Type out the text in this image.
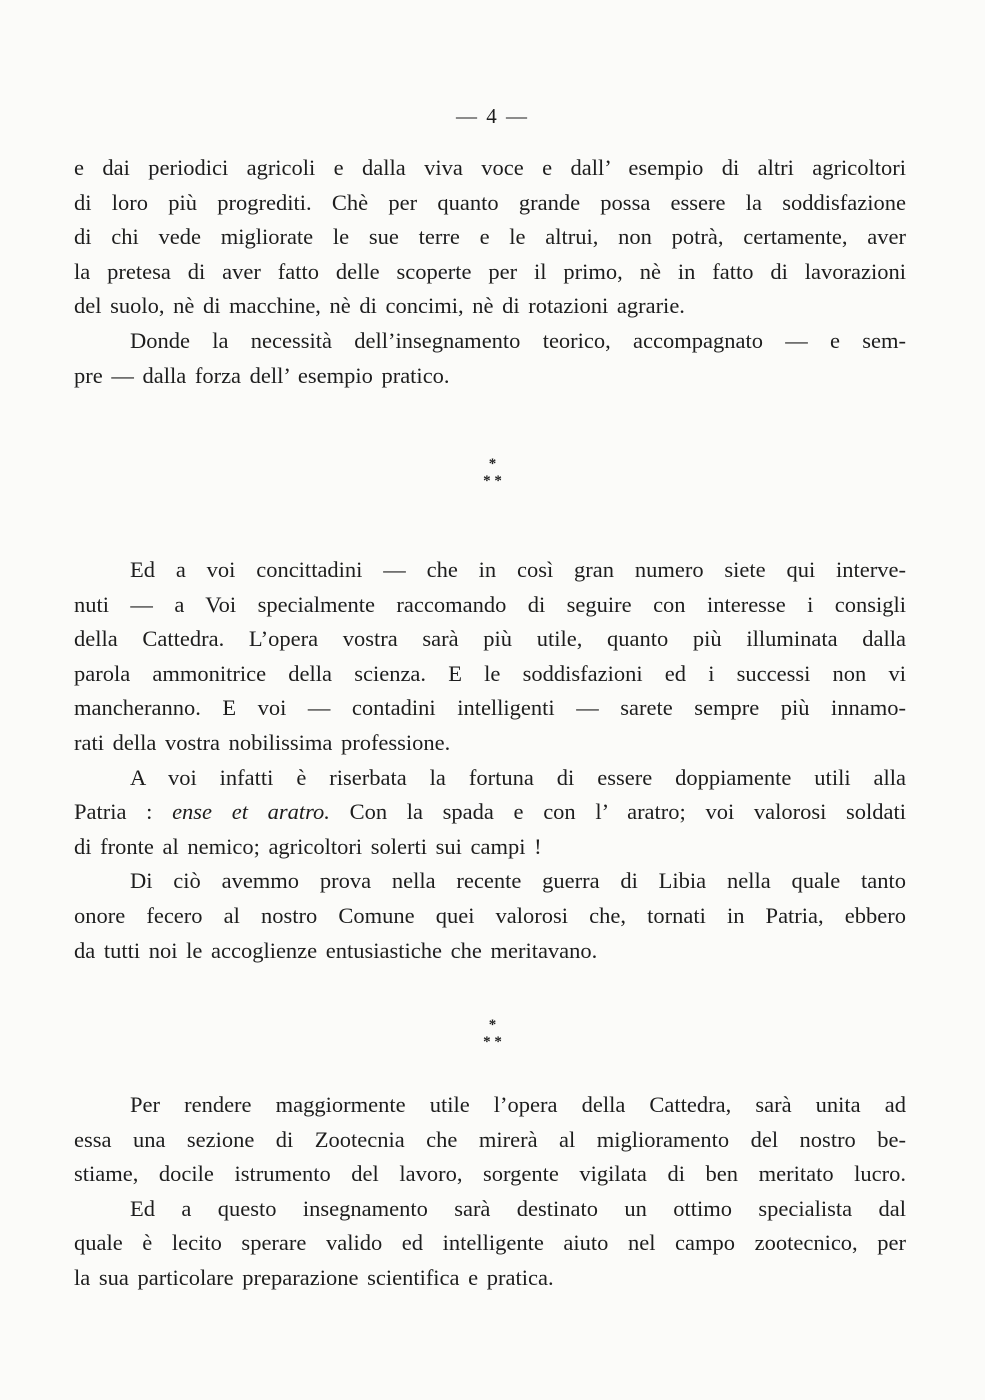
— 4 —
e dai periodici agricoli e dalla viva voce e dall’ esempio di altri agricoltori
di loro più progrediti. Chè per quanto grande possa essere la soddisfazione
di chi vede migliorate le sue terre e le altrui, non potrà, certamente, aver
la pretesa di aver fatto delle scoperte per il primo, nè in fatto di lavorazioni
del suolo, nè di macchine, nè di concimi, nè di rotazioni agrarie.
Donde la necessità dell’insegnamento teorico, accompagnato — e sem-
pre — dalla forza dell’ esempio pratico.
*
* *
Ed a voi concittadini — che in così gran numero siete qui interve-
nuti — a Voi specialmente raccomando di seguire con interesse i consigli
della Cattedra. L’opera vostra sarà più utile, quanto più illuminata dalla
parola ammonitrice della scienza. E le soddisfazioni ed i successi non vi
mancheranno. E voi — contadini intelligenti — sarete sempre più innamo-
rati della vostra nobilissima professione.
A voi infatti è riserbata la fortuna di essere doppiamente utili alla
Patria : ense et aratro. Con la spada e con l’ aratro; voi valorosi soldati
di fronte al nemico; agricoltori solerti sui campi !
Di ciò avemmo prova nella recente guerra di Libia nella quale tanto
onore fecero al nostro Comune quei valorosi che, tornati in Patria, ebbero
da tutti noi le accoglienze entusiastiche che meritavano.
*
* *
Per rendere maggiormente utile l’opera della Cattedra, sarà unita ad
essa una sezione di Zootecnia che mirerà al miglioramento del nostro be-
stiame, docile istrumento del lavoro, sorgente vigilata di ben meritato lucro.
Ed a questo insegnamento sarà destinato un ottimo specialista dal
quale è lecito sperare valido ed intelligente aiuto nel campo zootecnico, per
la sua particolare preparazione scientifica e pratica.
